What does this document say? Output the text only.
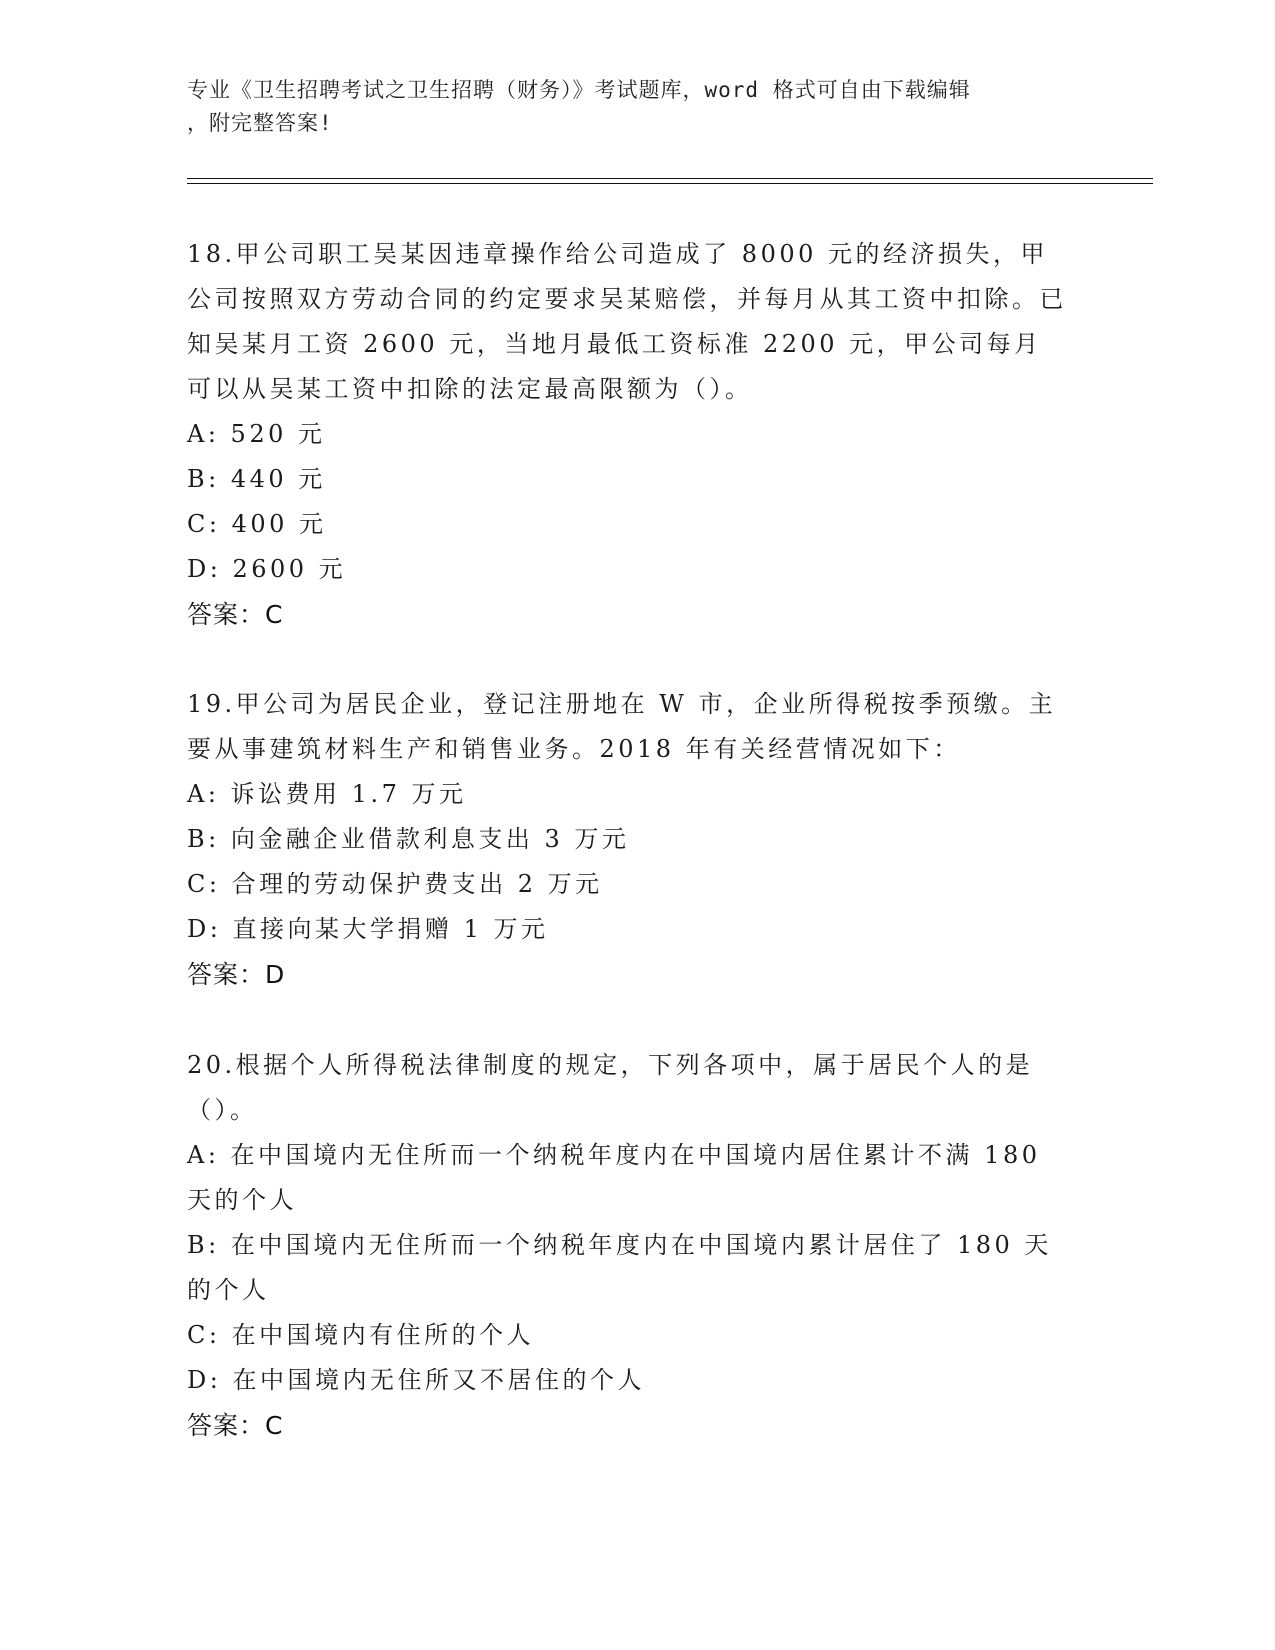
专业《卫生招聘考试之卫生招聘（财务）》考试题库，word 格式可自由下载编辑
，附完整答案!

18.甲公司职工吴某因违章操作给公司造成了 8000 元的经济损失，甲公司按照双方劳动合同的约定要求吴某赔偿，并每月从其工资中扣除。已知吴某月工资 2600 元，当地月最低工资标准 2200 元，甲公司每月可以从吴某工资中扣除的法定最高限额为（）。

A: 520 元

B: 440 元

C: 400 元

D: 2600 元

答案：C

19.甲公司为居民企业，登记注册地在 W 市，企业所得税按季预缴。主要从事建筑材料生产和销售业务。2018 年有关经营情况如下：

A: 诉讼费用 1.7 万元

B: 向金融企业借款利息支出 3 万元

C: 合理的劳动保护费支出 2 万元

D: 直接向某大学捐赠 1 万元

答案：D

20.根据个人所得税法律制度的规定，下列各项中，属于居民个人的是（）。

A: 在中国境内无住所而一个纳税年度内在中国境内居住累计不满 180 天的个人

B: 在中国境内无住所而一个纳税年度内在中国境内累计居住了 180 天的个人

C: 在中国境内有住所的个人

D: 在中国境内无住所又不居住的个人

答案：C
